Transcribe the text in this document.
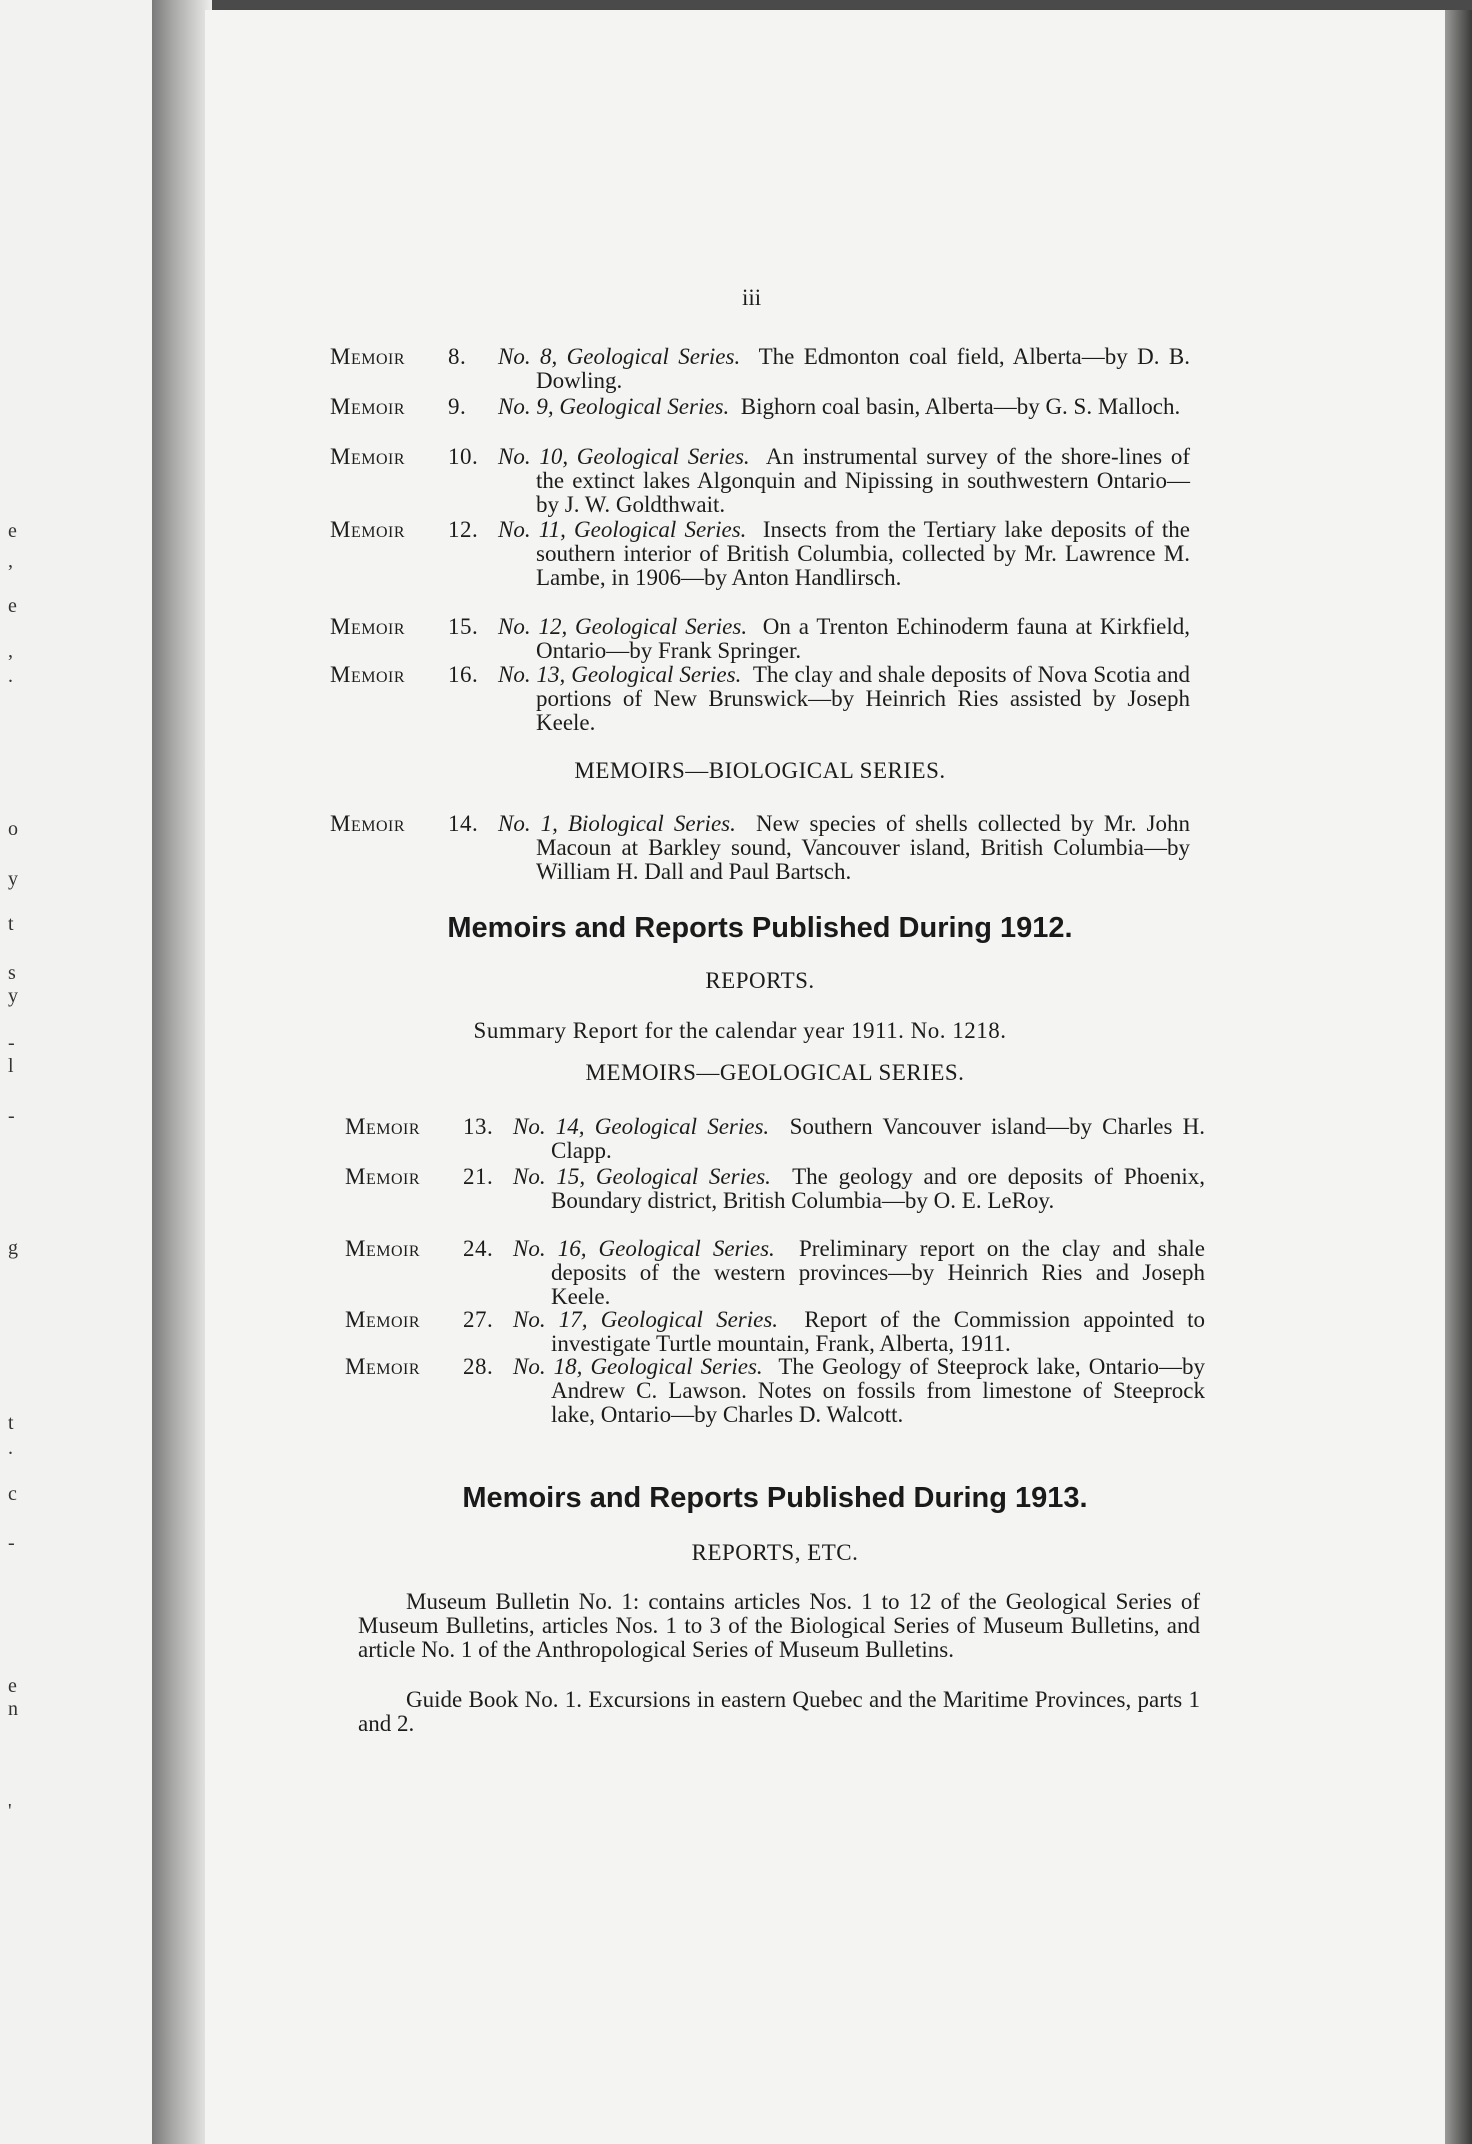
e
,
e
,
.
o
y
t
s
y
-
l
-
g
t
.
c
-
e
n
'
iii
Memoir 8. No. 8, Geological Series. The Edmonton coal field, Alberta—by D. B. Dowling.
Memoir 9. No. 9, Geological Series. Bighorn coal basin, Alberta—by G. S. Malloch.
Memoir 10. No. 10, Geological Series. An instrumental survey of the shore-lines of the extinct lakes Algonquin and Nipissing in southwestern Ontario—by J. W. Goldthwait.
Memoir 12. No. 11, Geological Series. Insects from the Tertiary lake deposits of the southern interior of British Columbia, collected by Mr. Lawrence M. Lambe, in 1906—by Anton Handlirsch.
Memoir 15. No. 12, Geological Series. On a Trenton Echinoderm fauna at Kirkfield, Ontario—by Frank Springer.
Memoir 16. No. 13, Geological Series. The clay and shale deposits of Nova Scotia and portions of New Brunswick—by Heinrich Ries assisted by Joseph Keele.
MEMOIRS—BIOLOGICAL SERIES.
Memoir 14. No. 1, Biological Series. New species of shells collected by Mr. John Macoun at Barkley sound, Vancouver island, British Columbia—by William H. Dall and Paul Bartsch.
Memoirs and Reports Published During 1912.
REPORTS.
Summary Report for the calendar year 1911. No. 1218.
MEMOIRS—GEOLOGICAL SERIES.
Memoir 13. No. 14, Geological Series. Southern Vancouver island—by Charles H. Clapp.
Memoir 21. No. 15, Geological Series. The geology and ore deposits of Phoenix, Boundary district, British Columbia—by O. E. LeRoy.
Memoir 24. No. 16, Geological Series. Preliminary report on the clay and shale deposits of the western provinces—by Heinrich Ries and Joseph Keele.
Memoir 27. No. 17, Geological Series. Report of the Commission appointed to investigate Turtle mountain, Frank, Alberta, 1911.
Memoir 28. No. 18, Geological Series. The Geology of Steeprock lake, Ontario—by Andrew C. Lawson. Notes on fossils from limestone of Steeprock lake, Ontario—by Charles D. Walcott.
Memoirs and Reports Published During 1913.
REPORTS, ETC.
Museum Bulletin No. 1: contains articles Nos. 1 to 12 of the Geological Series of Museum Bulletins, articles Nos. 1 to 3 of the Biological Series of Museum Bulletins, and article No. 1 of the Anthropological Series of Museum Bulletins.
Guide Book No. 1. Excursions in eastern Quebec and the Maritime Provinces, parts 1 and 2.
